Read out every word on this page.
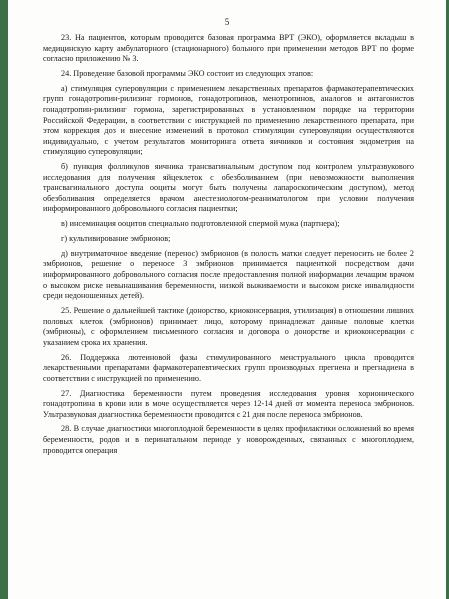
5

23. На пациентов, которым проводится базовая программа ВРТ (ЭКО), оформляется вкладыш в медицинскую карту амбулаторного (стационарного) больного при применении методов ВРТ по форме согласно приложению № 3.

24. Проведение базовой программы ЭКО состоит из следующих этапов:

а) стимуляция суперовуляции с применением лекарственных препаратов фармакотерапевтических групп гонадотропин-рилизинг гормонов, гонадотропинов, менотропинов, аналогов и антагонистов гонадотропин-рилизинг гормона, зарегистрированных в установленном порядке на территории Российской Федерации, в соответствии с инструкцией по применению лекарственного препарата, при этом коррекция доз и внесение изменений в протокол стимуляции суперовуляции осуществляются индивидуально, с учетом результатов мониторинга ответа яичников и состояния эндометрия на стимуляцию суперовуляции;

б) пункция фолликулов яичника трансвагинальным доступом под контролем ультразвукового исследования для получения яйцеклеток с обезболиванием (при невозможности выполнения трансвагинального доступа ооциты могут быть получены лапароскопическим доступом), метод обезболивания определяется врачом анестезиологом-реаниматологом при условии получения информированного добровольного согласия пациентки;

в) инсеминация ооцитов специально подготовленной спермой мужа (партнера);

г) культивирование эмбрионов;

д) внутриматочное введение (перенос) эмбрионов (в полость матки следует переносить не более 2 эмбрионов, решение о переносе 3 эмбрионов принимается пациенткой посредством дачи информированного добровольного согласия после предоставления полной информации лечащим врачом о высоком риске невынашивания беременности, низкой выживаемости и высоком риске инвалидности среди недоношенных детей).

25. Решение о дальнейшей тактике (донорство, криоконсервация, утилизация) в отношении лишних половых клеток (эмбрионов) принимает лицо, которому принадлежат данные половые клетки (эмбрионы), с оформлением письменного согласия и договора о донорстве и криоконсервации с указанием срока их хранения.

26. Поддержка лютеиновой фазы стимулированного менструального цикла проводится лекарственными препаратами фармакотерапевтических групп производных прегнена и прегнадиена в соответствии с инструкцией по применению.

27. Диагностика беременности путем проведения исследования уровня хорионического гонадотропина в крови или в моче осуществляется через 12-14 дней от момента переноса эмбрионов. Ультразвуковая диагностика беременности проводится с 21 дня после переноса эмбрионов.

28. В случае диагностики многоплодной беременности в целях профилактики осложнений во время беременности, родов и в перинатальном периоде у новорожденных, связанных с многоплодием, проводится операция
